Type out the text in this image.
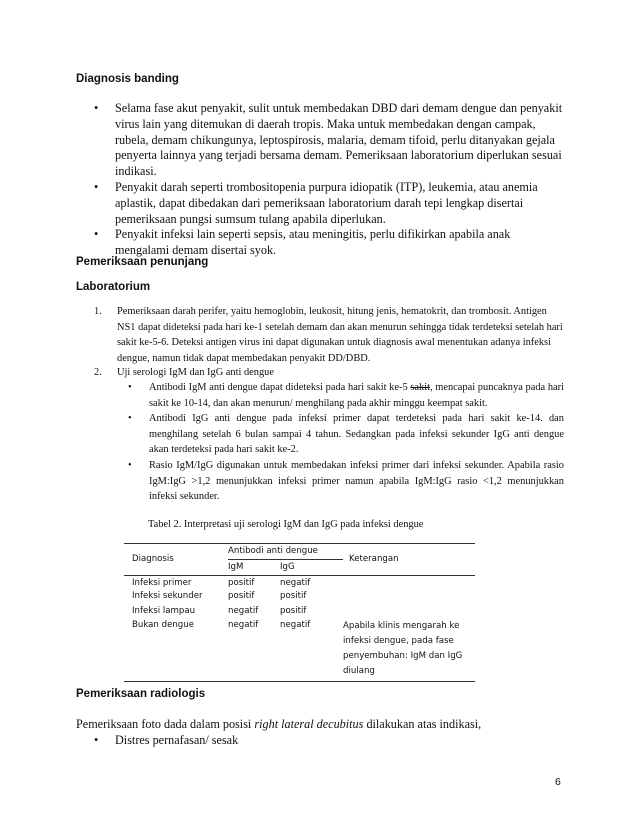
Diagnosis banding
• Selama fase akut penyakit, sulit untuk membedakan DBD dari demam dengue dan penyakit virus lain yang ditemukan di daerah tropis. Maka untuk membedakan dengan campak, rubela, demam chikungunya, leptospirosis, malaria, demam tifoid, perlu ditanyakan gejala penyerta lainnya yang terjadi bersama demam. Pemeriksaan laboratorium diperlukan sesuai indikasi.
• Penyakit darah seperti trombositopenia purpura idiopatik (ITP), leukemia, atau anemia aplastik, dapat dibedakan dari pemeriksaan laboratorium darah tepi lengkap disertai pemeriksaan pungsi sumsum tulang apabila diperlukan.
• Penyakit infeksi lain seperti sepsis, atau meningitis, perlu difikirkan apabila anak mengalami demam disertai syok.
Pemeriksaan penunjang
Laboratorium
1. Pemeriksaan darah perifer, yaitu hemoglobin, leukosit, hitung jenis, hematokrit, dan trombosit. Antigen NS1 dapat dideteksi pada hari ke-1 setelah demam dan akan menurun sehingga tidak terdeteksi setelah hari sakit ke-5-6. Deteksi antigen virus ini dapat digunakan untuk diagnosis awal menentukan adanya infeksi dengue, namun tidak dapat membedakan penyakit DD/DBD.
2. Uji serologi IgM dan IgG anti dengue
• Antibodi IgM anti dengue dapat dideteksi pada hari sakit ke-5 sakit, mencapai puncaknya pada hari sakit ke 10-14, dan akan menurun/ menghilang pada akhir minggu keempat sakit.
• Antibodi IgG anti dengue pada infeksi primer dapat terdeteksi pada hari sakit ke-14. dan menghilang setelah 6 bulan sampai 4 tahun. Sedangkan pada infeksi sekunder IgG anti dengue akan terdeteksi pada hari sakit ke-2.
• Rasio IgM/IgG digunakan untuk membedakan infeksi primer dari infeksi sekunder. Apabila rasio IgM:IgG >1,2 menunjukkan infeksi primer namun apabila IgM:IgG rasio <1,2 menunjukkan infeksi sekunder.
Tabel 2. Interpretasi uji serologi IgM dan IgG pada infeksi dengue
Diagnosis	Antibodi anti dengue		Keterangan
	IgM	IgG	

Infeksi primer	positif	negatif	
Infeksi sekunder	positif	positif	
Infeksi lampau	negatif	positif	
Bukan dengue	negatif	negatif	Apabila klinis mengarah ke infeksi dengue, pada fase penyembuhan: IgM dan IgG diulang
Pemeriksaan radiologis
Pemeriksaan foto dada dalam posisi right lateral decubitus dilakukan atas indikasi,
• Distres pernafasan/ sesak
6
